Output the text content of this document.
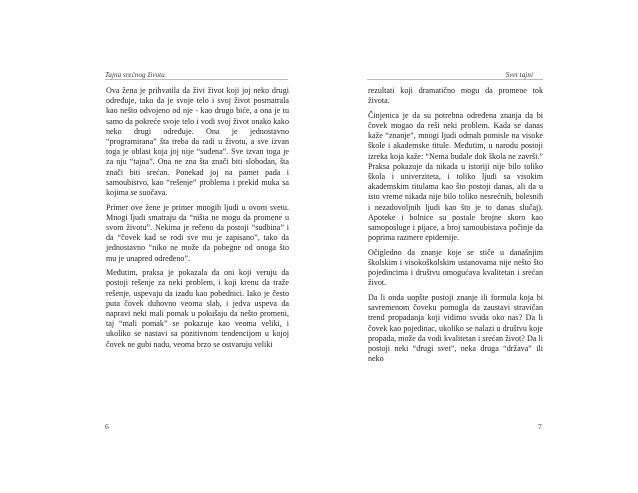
Tajna srećnog života

Ova žena je prihvatila da živi život koji joj neko drugi određuje, tako da je svoje telo i svoj život posmatrala kao nešto odvojeno od nje - kao drugo biće, a ona je tu samo da pokreće svoje telo i vodi svoj život onako kako neko drugi određuje. Ona je jednostavno “programirana” šta treba da radi u životu, a sve izvan toga je oblast koja joj nije “suđena”. Sve izvan toga je za nju “tajna”. Ona ne zna šta znači biti slobodan, šta znači biti srećan. Ponekad joj na pamet pada i samoubistvo, kao “rešenje” problema i prekid muka sa kojima se suočava.

Primer ove žene je primer mnogih ljudi u ovom svetu. Mnogi ljudi smatraju da “ništa ne mogu da promene u svom životu”. Nekima je rečeno da postoji “sudbina” i da “čovek kad se rodi sve mu je zapisano”, tako da jednostavno “niko ne može da pobegne od onoga što mu je unapred određeno”.

Međutim, praksa je pokazala da oni koji veruju da postoji rešenje za neki problem, i koji krenu da traže rešenje, uspevaju da izađu kao pobednici. Iako je često puta čovek duhovno veoma slab, i jedva uspeva da napravi neki mali pomak u pokušaju da nešto promeni, taj “mali pomak” se pokazuje kao veoma veliki, i ukoliko se nastavi sa pozitivnom tendencijom u kojoj čovek ne gubi nadu, veoma brzo se ostvaruju veliki

6
Svet tajni

rezultati koji dramatično mogu da promene tok života.

Činjenica je da su potrebna određena znanja da bi čovek mogao da reši neki problem. Kada se danas kaže “znanje”, mnogi ljudi odmah pomisle na visoke škole i akademske titule. Međutim, u narodu postoji izreka koja kaže: “Nema budale dok škola ne završi.” Praksa pokazuje da nikada u istoriji nije bilo toliko škola i univerziteta, i toliko ljudi sa visokim akademskim titulama kao što postoji danas, ali da u isto vreme nikada nije bilo toliko nesrećnih, bolesnih i nezadovoljnih ljudi kao što je to danas slučaj). Apoteke i bolnice su postale brojne skoro kao samoposluge i pijace, a broj samoubistava počinje da poprima razmere epidemije.

Očigledno da znanje koje se stiče u današnjim školskim i visokoškolskim ustanovama nije nešto što pojedincima i društvu omogućava kvalitetan i srećan život.

Da li onda uopšte postoji znanje ili formula koja bi savremenom čoveku pomogla da zaustavi stravičan trend propadanja koji vidimo svuda oko nas? Da li čovek kao pojedinac, ukoliko se nalazi u društvu koje propada, može da vodi kvalitetan i srećan život? Da li postoji neki “drugi svet”, neka druga “država” ili neko

7
